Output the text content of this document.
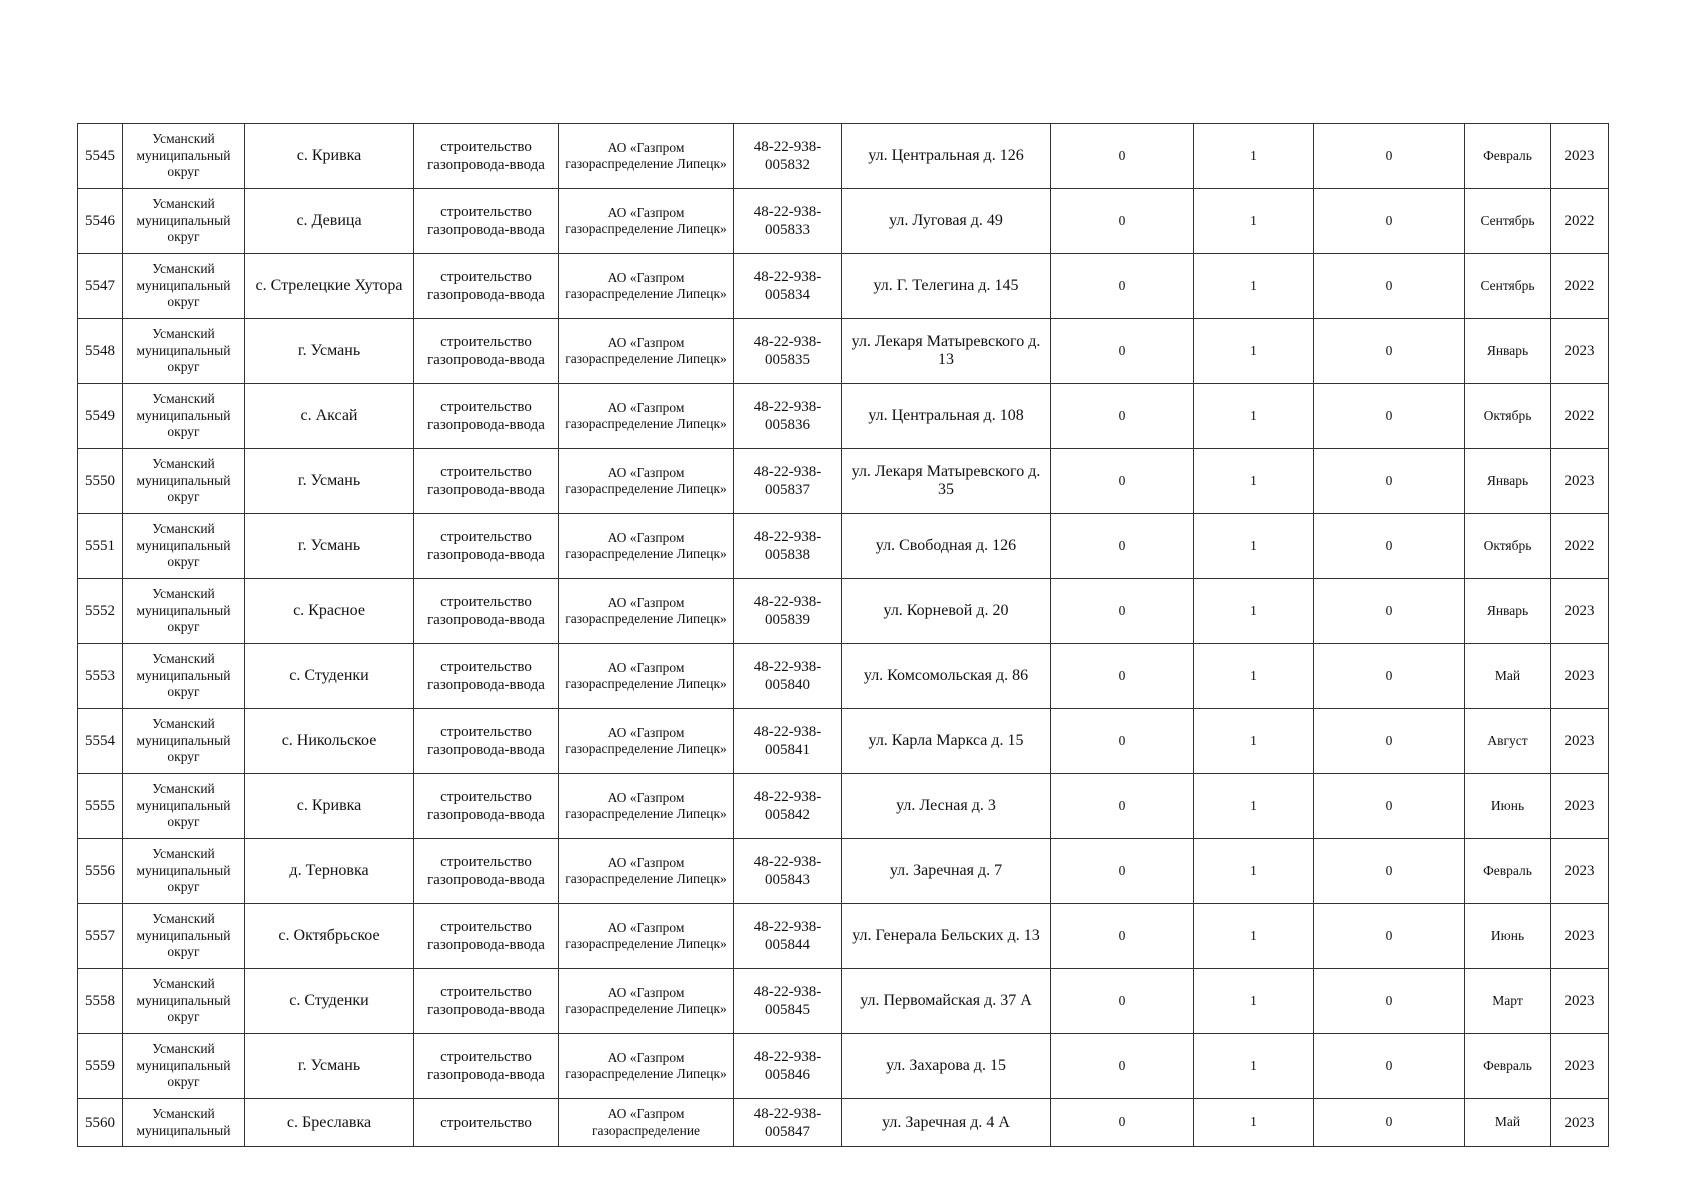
5545	Усманский муниципальный округ	с. Кривка	строительство газопровода-ввода	АО «Газпром газораспределение Липецк»	48-22-938-005832	ул. Центральная д. 126	0	1	0	Февраль	2023
5546	Усманский муниципальный округ	с. Девица	строительство газопровода-ввода	АО «Газпром газораспределение Липецк»	48-22-938-005833	ул. Луговая д. 49	0	1	0	Сентябрь	2022
5547	Усманский муниципальный округ	с. Стрелецкие Хутора	строительство газопровода-ввода	АО «Газпром газораспределение Липецк»	48-22-938-005834	ул. Г. Телегина д. 145	0	1	0	Сентябрь	2022
5548	Усманский муниципальный округ	г. Усмань	строительство газопровода-ввода	АО «Газпром газораспределение Липецк»	48-22-938-005835	ул. Лекаря Матыревского д. 13	0	1	0	Январь	2023
5549	Усманский муниципальный округ	с. Аксай	строительство газопровода-ввода	АО «Газпром газораспределение Липецк»	48-22-938-005836	ул. Центральная д. 108	0	1	0	Октябрь	2022
5550	Усманский муниципальный округ	г. Усмань	строительство газопровода-ввода	АО «Газпром газораспределение Липецк»	48-22-938-005837	ул. Лекаря Матыревского д. 35	0	1	0	Январь	2023
5551	Усманский муниципальный округ	г. Усмань	строительство газопровода-ввода	АО «Газпром газораспределение Липецк»	48-22-938-005838	ул. Свободная д. 126	0	1	0	Октябрь	2022
5552	Усманский муниципальный округ	с. Красное	строительство газопровода-ввода	АО «Газпром газораспределение Липецк»	48-22-938-005839	ул. Корневой д. 20	0	1	0	Январь	2023
5553	Усманский муниципальный округ	с. Студенки	строительство газопровода-ввода	АО «Газпром газораспределение Липецк»	48-22-938-005840	ул. Комсомольская д. 86	0	1	0	Май	2023
5554	Усманский муниципальный округ	с. Никольское	строительство газопровода-ввода	АО «Газпром газораспределение Липецк»	48-22-938-005841	ул. Карла Маркса д. 15	0	1	0	Август	2023
5555	Усманский муниципальный округ	с. Кривка	строительство газопровода-ввода	АО «Газпром газораспределение Липецк»	48-22-938-005842	ул. Лесная д. 3	0	1	0	Июнь	2023
5556	Усманский муниципальный округ	д. Терновка	строительство газопровода-ввода	АО «Газпром газораспределение Липецк»	48-22-938-005843	ул. Заречная д. 7	0	1	0	Февраль	2023
5557	Усманский муниципальный округ	с. Октябрьское	строительство газопровода-ввода	АО «Газпром газораспределение Липецк»	48-22-938-005844	ул. Генерала Бельских д. 13	0	1	0	Июнь	2023
5558	Усманский муниципальный округ	с. Студенки	строительство газопровода-ввода	АО «Газпром газораспределение Липецк»	48-22-938-005845	ул. Первомайская д. 37 А	0	1	0	Март	2023
5559	Усманский муниципальный округ	г. Усмань	строительство газопровода-ввода	АО «Газпром газораспределение Липецк»	48-22-938-005846	ул. Захарова д. 15	0	1	0	Февраль	2023
5560	Усманский муниципальный	с. Бреславка	строительство	АО «Газпром газораспределение	48-22-938-005847	ул. Заречная д. 4 А	0	1	0	Май	2023
